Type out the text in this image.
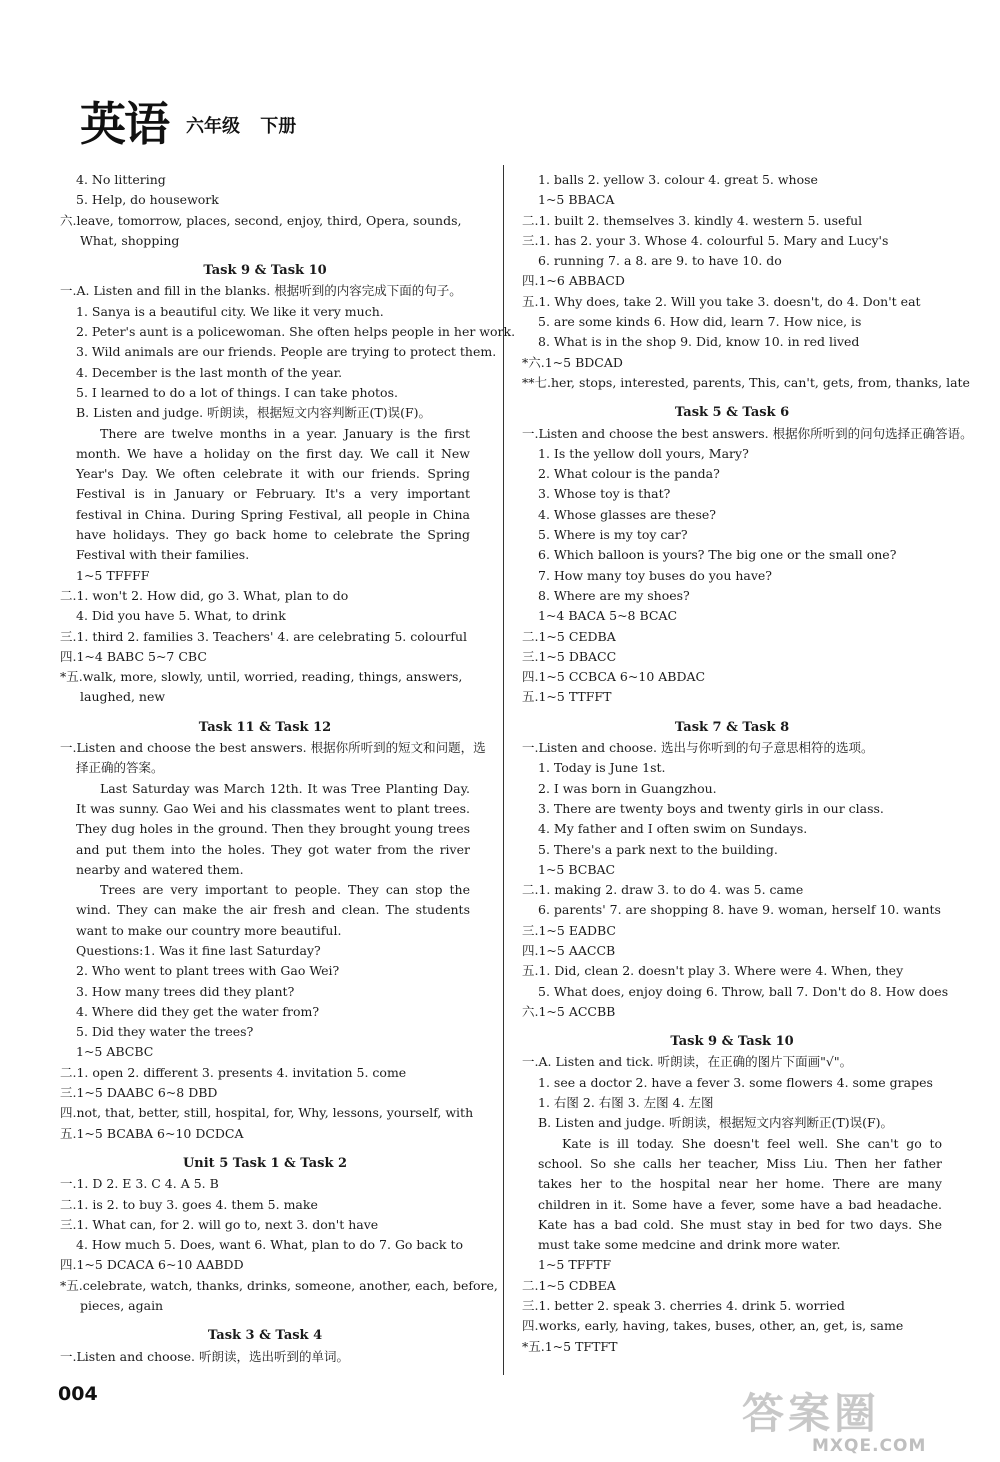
英语 六年级 下册
4. No littering
5. Help, do housework
六.leave, tomorrow, places, second, enjoy, third, Opera, sounds,
What, shopping
Task 9 & Task 10
一.A. Listen and fill in the blanks. 根据听到的内容完成下面的句子。
1. Sanya is a beautiful city. We like it very much.
2. Peter's aunt is a policewoman. She often helps people in her work.
3. Wild animals are our friends. People are trying to protect them.
4. December is the last month of the year.
5. I learned to do a lot of things. I can take photos.
B. Listen and judge. 听朗读，根据短文内容判断正(T)误(F)。
There are twelve months in a year. January is the first month. We have a holiday on the first day. We call it New Year's Day. We often celebrate it with our friends. Spring Festival is in January or February. It's a very important festival in China. During Spring Festival, all people in China have holidays. They go back home to celebrate the Spring Festival with their families.
1~5 TFFFF
二.1. won't 2. How did, go 3. What, plan to do
4. Did you have 5. What, to drink
三.1. third 2. families 3. Teachers' 4. are celebrating 5. colourful
四.1~4 BABC 5~7 CBC
*五.walk, more, slowly, until, worried, reading, things, answers,
laughed, new
Task 11 & Task 12
一.Listen and choose the best answers. 根据你所听到的短文和问题，选
择正确的答案。
Last Saturday was March 12th. It was Tree Planting Day. It was sunny. Gao Wei and his classmates went to plant trees. They dug holes in the ground. Then they brought young trees and put them into the holes. They got water from the river nearby and watered them.
Trees are very important to people. They can stop the wind. They can make the air fresh and clean. The students want to make our country more beautiful.
Questions:1. Was it fine last Saturday?
2. Who went to plant trees with Gao Wei?
3. How many trees did they plant?
4. Where did they get the water from?
5. Did they water the trees?
1~5 ABCBC
二.1. open 2. different 3. presents 4. invitation 5. come
三.1~5 DAABC 6~8 DBD
四.not, that, better, still, hospital, for, Why, lessons, yourself, with
五.1~5 BCABA 6~10 DCDCA
Unit 5 Task 1 & Task 2
一.1. D 2. E 3. C 4. A 5. B
二.1. is 2. to buy 3. goes 4. them 5. make
三.1. What can, for 2. will go to, next 3. don't have
4. How much 5. Does, want 6. What, plan to do 7. Go back to
四.1~5 DCACA 6~10 AABDD
*五.celebrate, watch, thanks, drinks, someone, another, each, before,
pieces, again
Task 3 & Task 4
一.Listen and choose. 听朗读，选出听到的单词。
1. balls 2. yellow 3. colour 4. great 5. whose
1~5 BBACA
二.1. built 2. themselves 3. kindly 4. western 5. useful
三.1. has 2. your 3. Whose 4. colourful 5. Mary and Lucy's
6. running 7. a 8. are 9. to have 10. do
四.1~6 ABBACD
五.1. Why does, take 2. Will you take 3. doesn't, do 4. Don't eat
5. are some kinds 6. How did, learn 7. How nice, is
8. What is in the shop 9. Did, know 10. in red lived
*六.1~5 BDCAD
**七.her, stops, interested, parents, This, can't, gets, from, thanks, late
Task 5 & Task 6
一.Listen and choose the best answers. 根据你所听到的问句选择正确答语。
1. Is the yellow doll yours, Mary?
2. What colour is the panda?
3. Whose toy is that?
4. Whose glasses are these?
5. Where is my toy car?
6. Which balloon is yours? The big one or the small one?
7. How many toy buses do you have?
8. Where are my shoes?
1~4 BACA 5~8 BCAC
二.1~5 CEDBA
三.1~5 DBACC
四.1~5 CCBCA 6~10 ABDAC
五.1~5 TTFFT
Task 7 & Task 8
一.Listen and choose. 选出与你听到的句子意思相符的选项。
1. Today is June 1st.
2. I was born in Guangzhou.
3. There are twenty boys and twenty girls in our class.
4. My father and I often swim on Sundays.
5. There's a park next to the building.
1~5 BCBAC
二.1. making 2. draw 3. to do 4. was 5. came
6. parents' 7. are shopping 8. have 9. woman, herself 10. wants
三.1~5 EADBC
四.1~5 AACCB
五.1. Did, clean 2. doesn't play 3. Where were 4. When, they
5. What does, enjoy doing 6. Throw, ball 7. Don't do 8. How does
六.1~5 ACCBB
Task 9 & Task 10
一.A. Listen and tick. 听朗读，在正确的图片下面画"√"。
1. see a doctor 2. have a fever 3. some flowers 4. some grapes
1. 右图 2. 右图 3. 左图 4. 左图
B. Listen and judge. 听朗读，根据短文内容判断正(T)误(F)。
Kate is ill today. She doesn't feel well. She can't go to school. So she calls her teacher, Miss Liu. Then her father takes her to the hospital near her home. There are many children in it. Some have a fever, some have a bad headache. Kate has a bad cold. She must stay in bed for two days. She must take some medcine and drink more water.
1~5 TFFTF
二.1~5 CDBEA
三.1. better 2. speak 3. cherries 4. drink 5. worried
四.works, early, having, takes, buses, other, an, get, is, same
*五.1~5 TFTFT
004	答案圈
MXQE.COM
